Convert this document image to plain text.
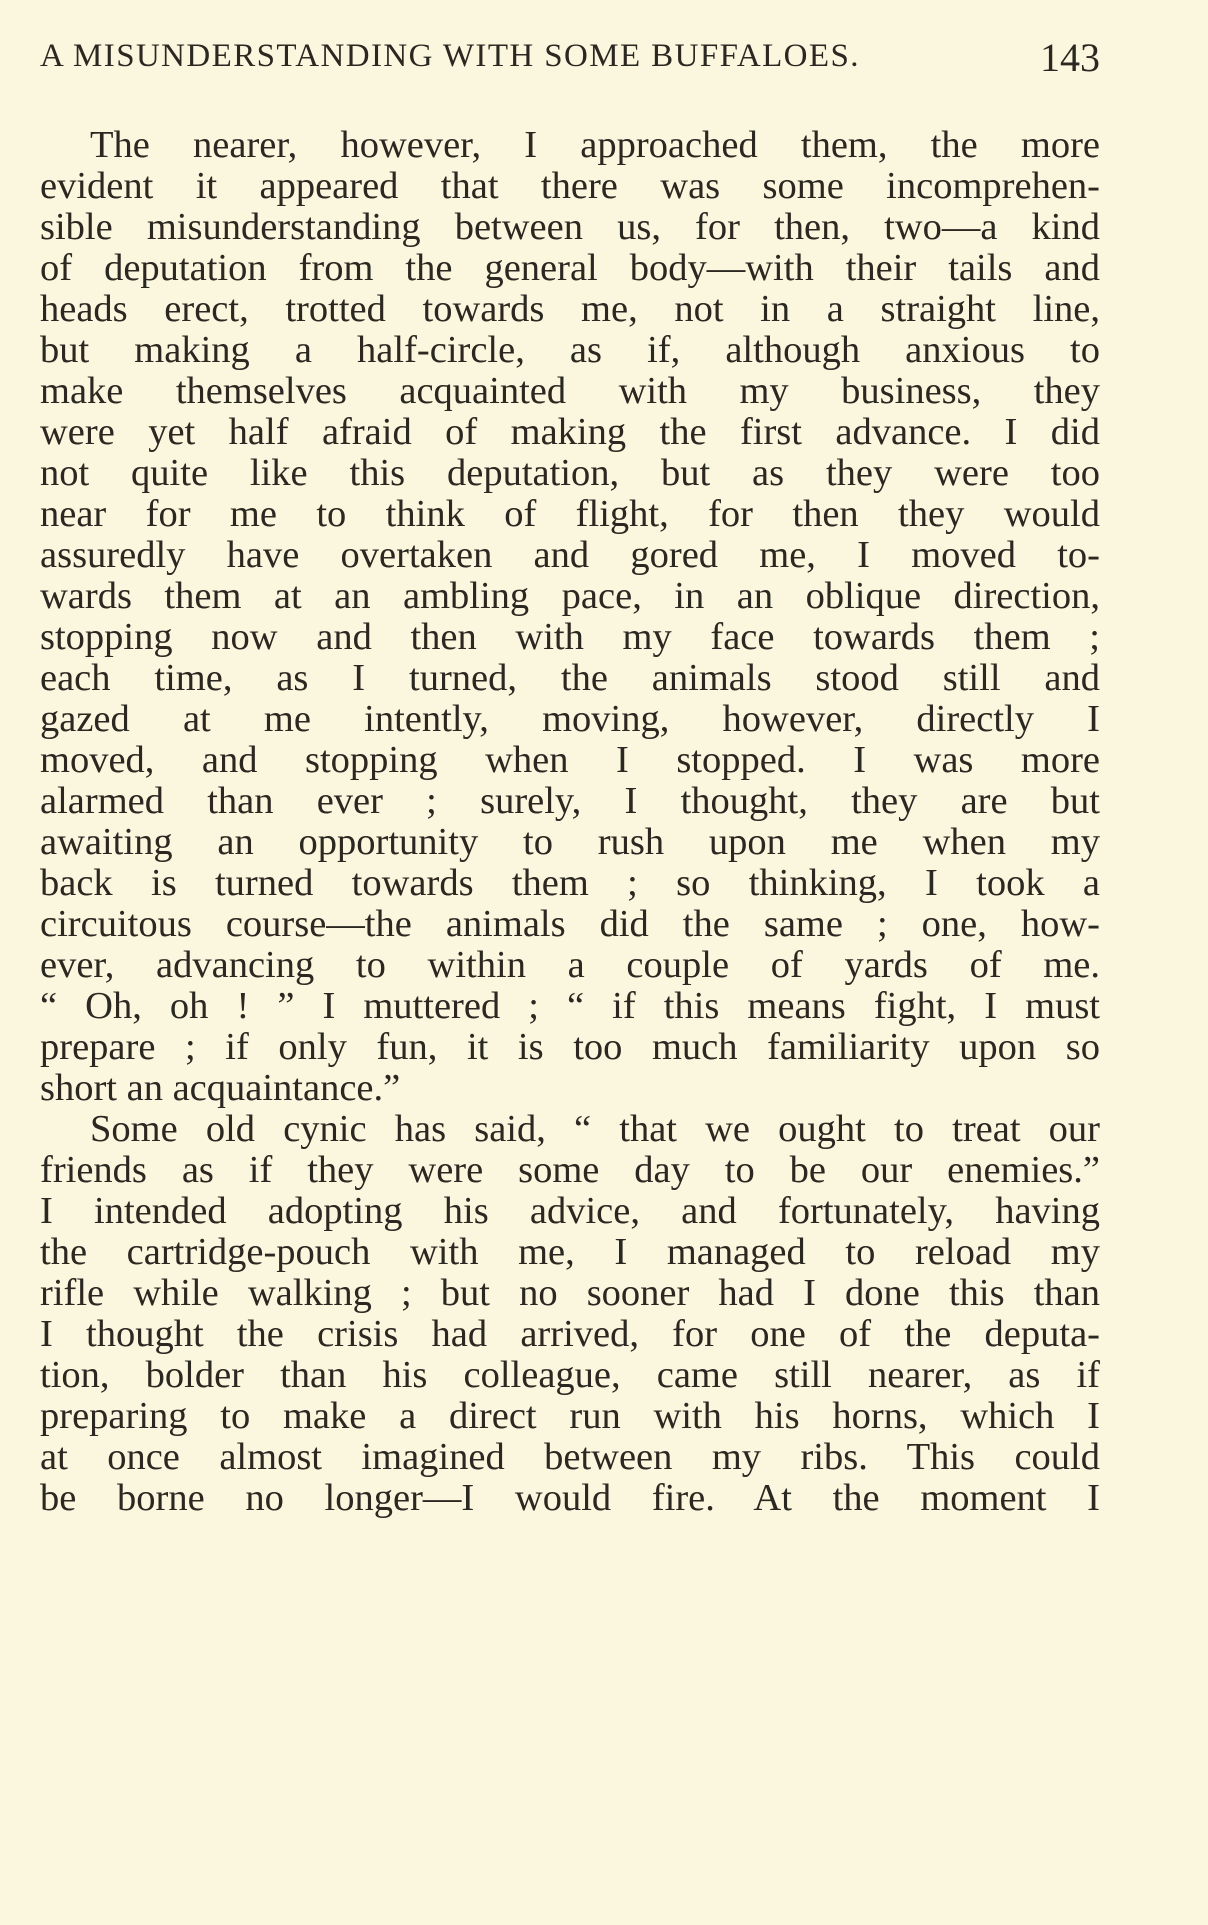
A MISUNDERSTANDING WITH SOME BUFFALOES.	143
The nearer, however, I approached them, the more
evident it appeared that there was some incomprehen-
sible misunderstanding between us, for then, two—a kind
of deputation from the general body—with their tails and
heads erect, trotted towards me, not in a straight line,
but making a half-circle, as if, although anxious to
make themselves acquainted with my business, they
were yet half afraid of making the first advance. I did
not quite like this deputation, but as they were too
near for me to think of flight, for then they would
assuredly have overtaken and gored me, I moved to-
wards them at an ambling pace, in an oblique direction,
stopping now and then with my face towards them ;
each time, as I turned, the animals stood still and
gazed at me intently, moving, however, directly I
moved, and stopping when I stopped. I was more
alarmed than ever ; surely, I thought, they are but
awaiting an opportunity to rush upon me when my
back is turned towards them ; so thinking, I took a
circuitous course—the animals did the same ; one, how-
ever, advancing to within a couple of yards of me.
“ Oh, oh ! ” I muttered ; “ if this means fight, I must
prepare ; if only fun, it is too much familiarity upon so
short an acquaintance.”
Some old cynic has said, “ that we ought to treat our
friends as if they were some day to be our enemies.”
I intended adopting his advice, and fortunately, having
the cartridge-pouch with me, I managed to reload my
rifle while walking ; but no sooner had I done this than
I thought the crisis had arrived, for one of the deputa-
tion, bolder than his colleague, came still nearer, as if
preparing to make a direct run with his horns, which I
at once almost imagined between my ribs. This could
be borne no longer—I would fire. At the moment I
